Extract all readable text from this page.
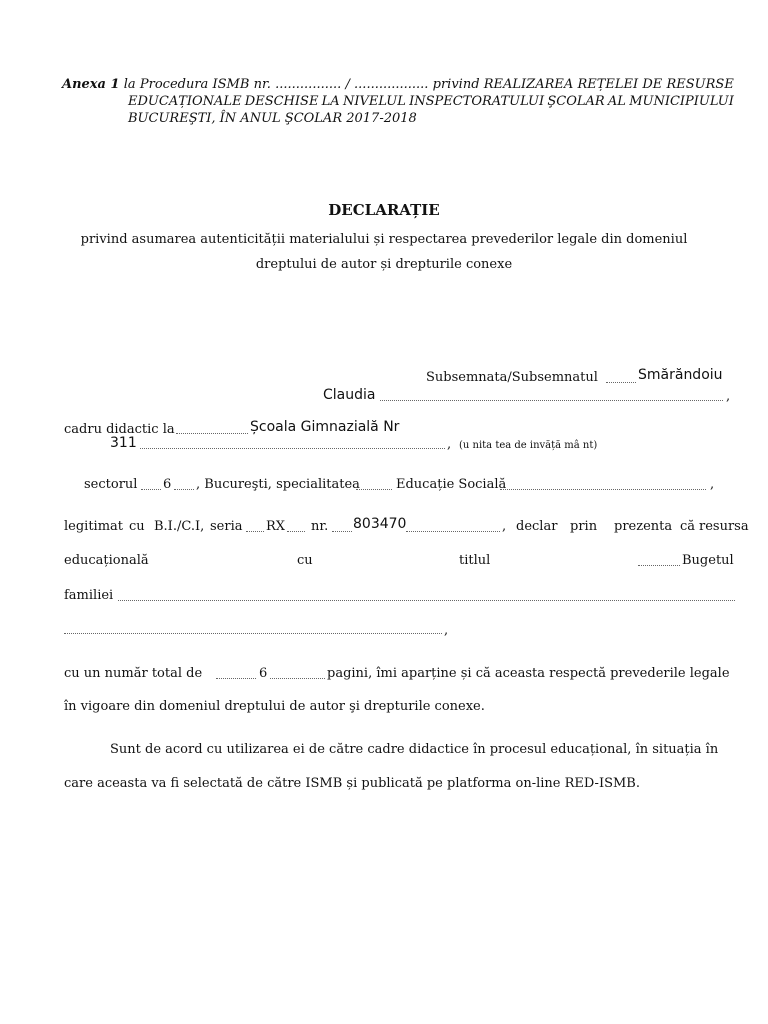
Anexa 1 la Procedura ISMB nr. ................ / .................. privind REALIZAREA REȚELEI DE RESURSE
EDUCAȚIONALE DESCHISE LA NIVELUL INSPECTORATULUI ŞCOLAR AL MUNICIPIULUI
BUCUREŞTI, ÎN ANUL ŞCOLAR 2017-2018
DECLARAȚIE
privind asumarea autenticității materialului și respectarea prevederilor legale din domeniul
dreptului de autor și drepturile conexe
Subsemnata/Subsemnatul	Smărăndoiu
Claudia	,
cadru didactic la	Școala Gimnazială Nr
311	, (u nita tea de invăță mâ nt)
sectorul 6 , Bucureşti, specialitatea	Educație Socială	,
legitimat cu B.I./C.I, seria RX nr. 803470	, declar prin prezenta că resursa
educațională	cu	titlul	Bugetul
familiei
,
cu un număr total de	6	pagini, îmi aparține și că aceasta respectă prevederile legale
în vigoare din domeniul dreptului de autor şi drepturile conexe.
Sunt de acord cu utilizarea ei de către cadre didactice în procesul educațional, în situația în
care aceasta va fi selectată de către ISMB și publicată pe platforma on-line RED-ISMB.
